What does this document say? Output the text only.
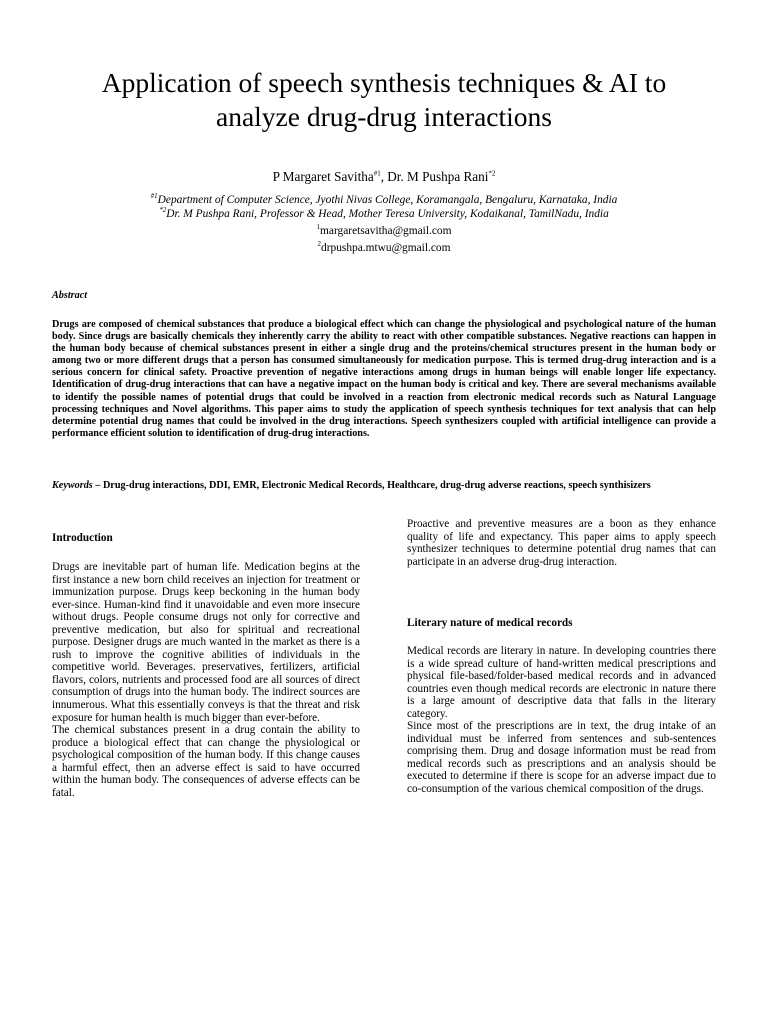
Application of speech synthesis techniques & AI to
analyze drug-drug interactions
P Margaret Savitha$^{\#1}$, Dr. M Pushpa Rani$^{*2}$
$^{\#1}$Department of Computer Science, Jyothi Nivas College, Koramangala, Bengaluru, Karnataka, India
$^{*2}$Dr. M Pushpa Rani, Professor & Head, Mother Teresa University, Kodaikanal, TamilNadu, India
$^1$margaretsavitha@gmail.com
$^2$drpushpa.mtwu@gmail.com
Abstract
Drugs are composed of chemical substances that produce a biological effect which can change the physiological and psychological nature of the human body. Since drugs are basically chemicals they inherently carry the ability to react with other compatible substances. Negative reactions can happen in the human body because of chemical substances present in either a single drug and the proteins/chemical structures present in the human body or among two or more different drugs that a person has consumed simultaneously for medication purpose. This is termed drug-drug interaction and is a serious concern for clinical safety. Proactive prevention of negative interactions among drugs in human beings will enable longer life expectancy. Identification of drug-drug interactions that can have a negative impact on the human body is critical and key. There are several mechanisms available to identify the possible names of potential drugs that could be involved in a reaction from electronic medical records such as Natural Language processing techniques and Novel algorithms. This paper aims to study the application of speech synthesis techniques for text analysis that can help determine potential drug names that could be involved in the drug interactions. Speech synthesizers coupled with artificial intelligence can provide a performance efficient solution to identification of drug-drug interactions.
Keywords – Drug-drug interactions, DDI, EMR, Electronic Medical Records, Healthcare, drug-drug adverse reactions, speech synthisizers
Introduction

Drugs are inevitable part of human life. Medication begins at the first instance a new born child receives an injection for treatment or immunization purpose. Drugs keep beckoning in the human body ever-since. Human-kind find it unavoidable and even more insecure without drugs. People consume drugs not only for corrective and preventive medication, but also for spiritual and recreational purpose. Designer drugs are much wanted in the market as there is a rush to improve the cognitive abilities of individuals in the competitive world. Beverages. preservatives, fertilizers, artificial flavors, colors, nutrients and processed food are all sources of direct consumption of drugs into the human body. The indirect sources are innumerous. What this essentially conveys is that the threat and risk exposure for human health is much bigger than ever-before.

The chemical substances present in a drug contain the ability to produce a biological effect that can change the physiological or psychological composition of the human body. If this change causes a harmful effect, then an adverse effect is said to have occurred within the human body. The consequences of adverse effects can be fatal.

Proactive and preventive measures are a boon as they enhance quality of life and expectancy. This paper aims to apply speech synthesizer techniques to determine potential drug names that can participate in an adverse drug-drug interaction.

Literary nature of medical records

Medical records are literary in nature. In developing countries there is a wide spread culture of hand-written medical prescriptions and physical file-based/folder-based medical records and in advanced countries even though medical records are electronic in nature there is a large amount of descriptive data that falls in the literary category.

Since most of the prescriptions are in text, the drug intake of an individual must be inferred from sentences and sub-sentences comprising them. Drug and dosage information must be read from medical records such as prescriptions and an analysis should be executed to determine if there is scope for an adverse impact due to co-consumption of the various chemical composition of the drugs.
